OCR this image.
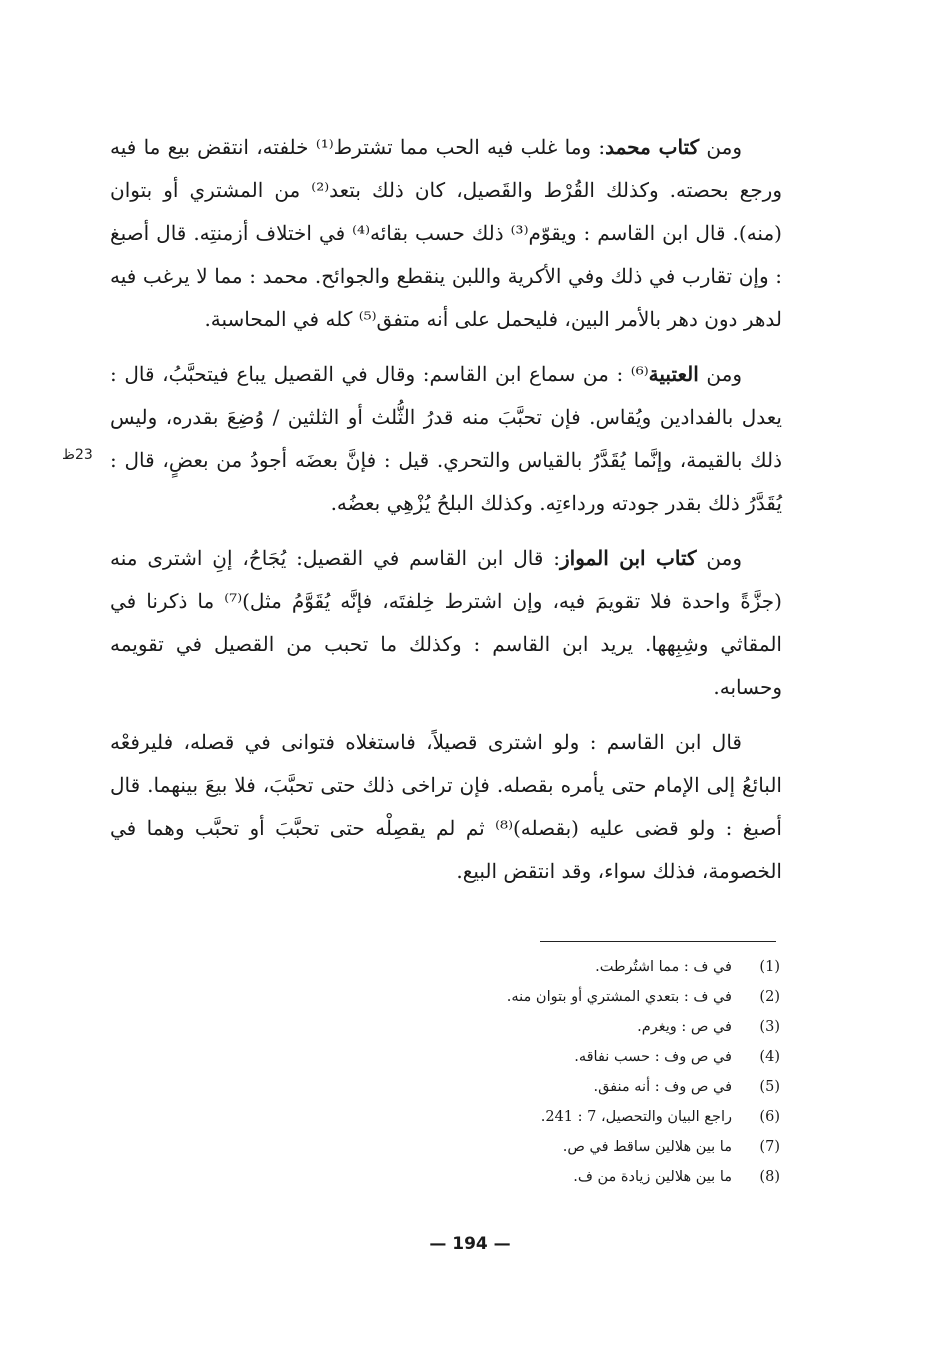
ومن كتاب محمد: وما غلب فيه الحب مما تشترط⁽¹⁾ خلفته، انتقض بيع ما فيه ورجع بحصته. وكذلك القُرْط والقَصيل، كان ذلك بتعد⁽²⁾ من المشتري أو بتوان (منه). قال ابن القاسم : ويقوّم⁽³⁾ ذلك حسب بقائه⁽⁴⁾ في اختلاف أزمنتِه. قال أصبغ : وإن تقارب في ذلك وفي الأكرية واللبن ينقطع والجوائح. محمد : مما لا يرغب فيه لدهر دون دهر بالأمر البين، فليحمل على أنه متفق⁽⁵⁾ كله في المحاسبة.

ومن العتبية⁽⁶⁾ : من سماع ابن القاسم: وقال في القصيل يباع فيتحبَّبُ، قال : يعدل بالفدادين ويُقاس. فإن تحبَّبَ منه قدرُ الثُّلث أو الثلثين / وُضِعَ بقدره، وليس ذلك بالقيمة، وإنَّما يُقَدَّرُ بالقياس والتحري. قيل : فإنَّ بعضَه أجودُ من بعضٍ، قال : يُقَدَّرُ ذلك بقدر جودته ورداءتِه. وكذلك البلحُ يُزْهِي بعضُه.

ومن كتاب ابن المواز: قال ابن القاسم في القصيل: يُجَاحُ، إنِ اشترى منه (جزَّةً واحدة فلا تقويمَ فيه، وإن اشترط خِلفتَه، فإنَّه يُقَوَّمُ مثل)⁽⁷⁾ ما ذكرنا في المقاثي وشِبِهها. يريد ابن القاسم : وكذلك ما تحبب من القصيل في تقويمه وحسابه.

قال ابن القاسم : ولو اشترى قصيلاً، فاستغلاه فتوانى في قصله، فليرفعْه البائعُ إلى الإمام حتى يأمره بقصله. فإن تراخى ذلك حتى تحبَّبَ، فلا بيعَ بينهما. قال أصبغ : ولو قضى عليه (بقصله)⁽⁸⁾ ثم لم يقصِلْه حتى تحبَّبَ أو تحبَّب وهما في الخصومة، فذلك سواء، وقد انتقض البيع.

23ظ
(1)
في ف : مما اشتُرطت.
(2)
في ف : بتعدي المشتري أو بتوان منه.
(3)
في ص : ويغرم.
(4)
في ص وف : حسب نفاقه.
(5)
في ص وف : أنه منفق.
(6)
راجع البيان والتحصيل، 7 : 241.
(7)
ما بين هلالين ساقط في ص.
(8)
ما بين هلالين زيادة من ف.
— 194 —
